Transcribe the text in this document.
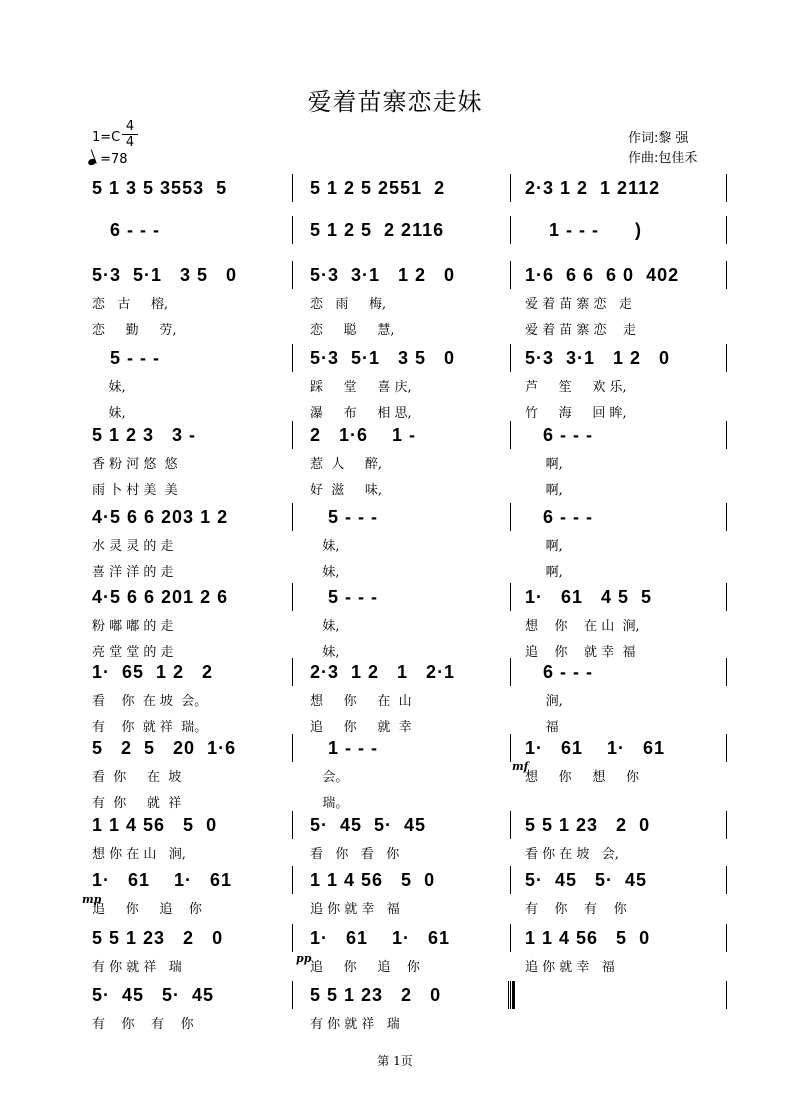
爱着苗寨恋走妹
1=C
4
4
=78
作词:黎 强
作曲:包佳禾
5 1 3 5 3553  5	5 1 2 5 2551  2	2·3 1 2  1 2112
6 - - -	5 1 2 5  2 2116	1 - - -      )
5·3  5·1   3 5   0	5·3  3·1   1 2   0	1·6  6 6  6 0  402
恋   古     榕,	恋   雨     梅,	爱 着 苗 寨 恋   走
恋     勤     劳,	恋     聪     慧,	爱 着 苗 寨 恋    走
5 - - -	5·3  5·1   3 5   0	5·3  3·1   1 2   0
妹,	踩     堂     喜 庆,	芦     笙     欢 乐,
妹,	瀑     布     相 思,	竹     海     回 眸,
5 1 2 3   3 -	2   1·6    1 -	6 - - -
香 粉 河 悠  悠	惹  人     醉,	啊,
雨 卜 村 美  美	好  滋     味,	啊,
4·5 6 6 203 1 2	5 - - -	6 - - -
水 灵 灵 的 走	妹,	啊,
喜 洋 洋 的 走	妹,	啊,
4·5 6 6 201 2 6	5 - - -	1·   61   4 5  5
粉 嘟 嘟 的 走	妹,	想    你    在 山  涧,
亮 堂 堂 的 走	妹,	追    你    就 幸  福
1·  65  1 2   2	2·3  1 2   1   2·1	6 - - -
看    你  在 坡  会。	想     你     在  山	涧,
有    你  就 祥  瑞。	追     你     就  幸	福
5   2  5   20  1·6	1 - - -	1·   61    1·   61
看  你     在  坡	会。	想     你     想     你
有  你     就  祥	瑞。
1 1 4 56   5  0	5·  45  5·  45	5 5 1 23   2  0
想 你 在 山   涧,	看   你   看   你	看 你 在 坡   会,
1·   61    1·   61	1 1 4 56   5  0	5·  45   5·  45
追     你     追    你	追 你 就 幸   福	有    你    有    你
5 5 1 23   2   0	1·   61    1·   61	1 1 4 56   5  0
有 你 就 祥   瑞	追     你     追    你	追 你 就 幸   福
5·  45   5·  45	5 5 1 23   2   0
有    你    有    你	有 你 就 祥   瑞
mf
mp
pp
第 1页
